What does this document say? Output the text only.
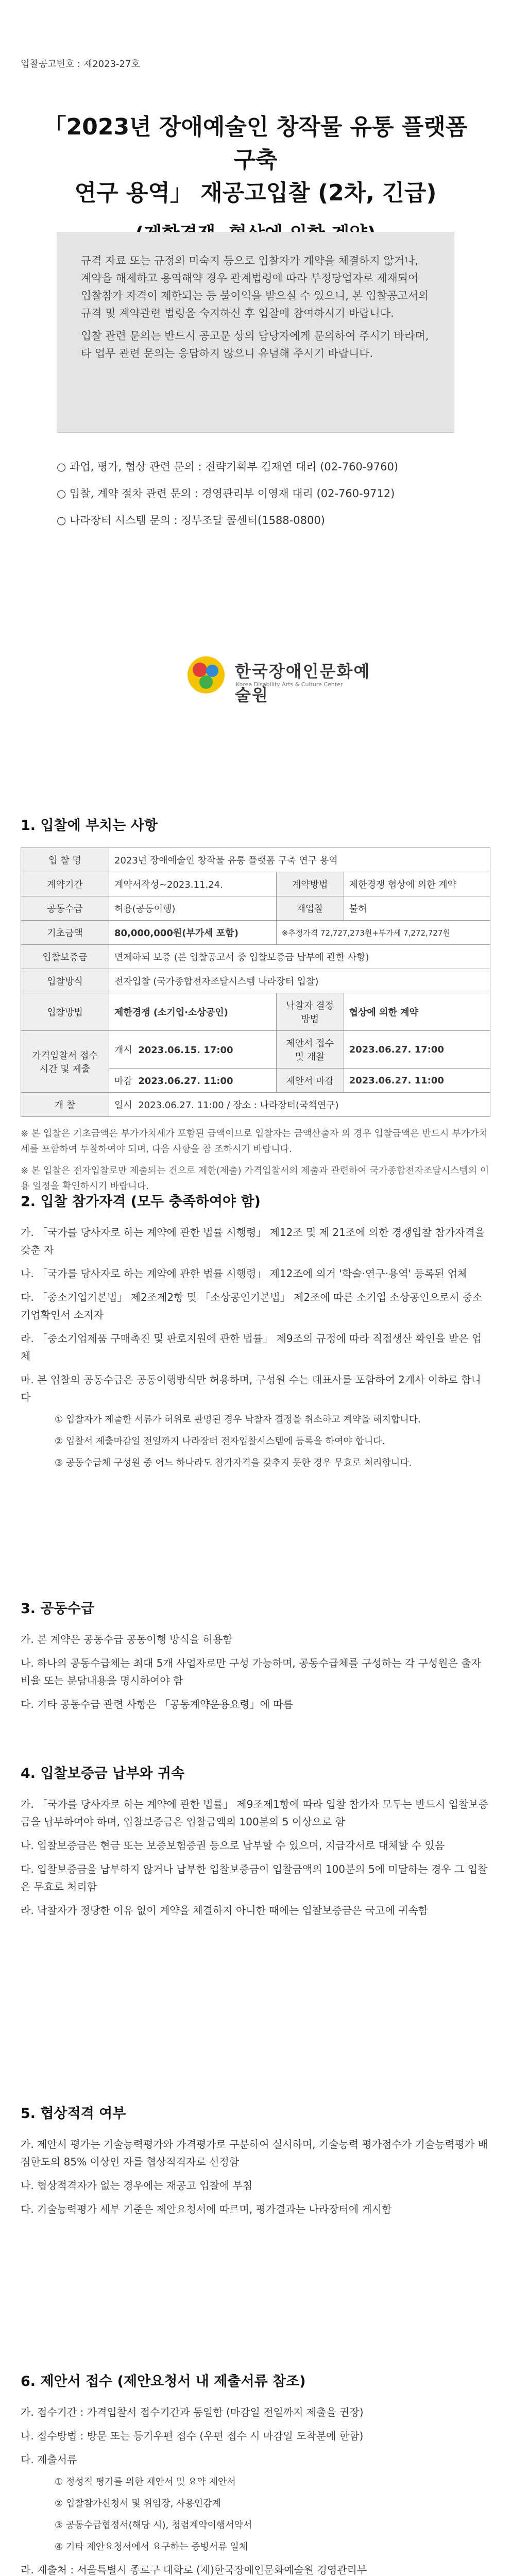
입찰공고번호 : 제2023-27호
「2023년 장애예술인 창작물 유통 플랫폼 구축
연구 용역」 재공고입찰 (2차, 긴급)

규격 자료 또는 규정의 미숙지 등으로 입찰자가 계약을 체결하지 않거나, 계약을 해제하고 용역해약 경우 관계법령에 따라 부정당업자로 제재되어 입찰참가 자격이 제한되는 등 불이익을 받으실 수 있으니, 본 입찰공고서의 규격 및 계약관련 법령을 숙지하신 후 입찰에 참여하시기 바랍니다.

입찰 관련 문의는 반드시 공고문 상의 담당자에게 문의하여 주시기 바라며, 타 업무 관련 문의는 응답하지 않으니 유념해 주시기 바랍니다.

○ 과업, 평가, 협상 관련 문의 : 전략기획부 김재연 대리 (02-760-9760)

○ 입찰, 계약 절차 관련 문의 : 경영관리부 이영재 대리 (02-760-9712)

○ 나라장터 시스템 문의 : 정부조달 콜센터(1588-0800)

한국장애인문화예술원
Korea Disability Arts & Culture Center
1. 입찰에 부치는 사항
입 찰 명	2023년 장애예술인 창작물 유통 플랫폼 구축 연구 용역		
계약기간	계약서작성~2023.11.24.	계약방법	제한경쟁 협상에 의한 계약
공동수급	허용(공동이행)	재입찰	불허
기초금액	80,000,000원(부가세 포함)	※추정가격 72,727,273원+부가세 7,272,727원	
입찰보증금	면제하되 보증 (본 입찰공고서 중 입찰보증금 납부에 관한 사항)		
입찰방식	전자입찰 (국가종합전자조달시스템 나라장터 입찰)		
입찰방법	제한경쟁 (소기업·소상공인)	낙찰자 결정방법	협상에 의한 계약
가격입찰서 접수 시간 및 제출	개시 2023.06.15. 17:00	제안서 접수 및 개찰	2023.06.27. 17:00
	마감 2023.06.27. 11:00	제안서 마감	2023.06.27. 11:00
개 찰	일시 2023.06.27. 11:00 / 장소 : 나라장터(국책연구)		

※ 본 입찰은 기초금액은 부가가치세가 포함된 금액이므로 입찰자는 금액산출자 의 경우 입찰금액은 반드시 부가가치세를 포함하여 투찰하여야 되며, 다음 사항을 참 조하시기 바랍니다.

※ 본 입찰은 전자입찰로만 제출되는 건으로 제한(제출) 가격입찰서의 제출과 관련하여 국가종합전자조달시스템의 이용 일정을 확인하시기 바랍니다.

2. 입찰 참가자격 (모두 충족하여야 함)

가. 「국가를 당사자로 하는 계약에 관한 법률 시행령」 제12조 및 제 21조에 의한 경쟁입찰 참가자격을 갖춘 자

나. 「국가를 당사자로 하는 계약에 관한 법률 시행령」 제12조에 의거 '학술·연구·용역' 등록된 업체

다. 「중소기업기본법」 제2조제2항 및 「소상공인기본법」 제2조에 따른 소기업 소상공인으로서 중소기업확인서 소지자

라. 「중소기업제품 구매촉진 및 판로지원에 관한 법률」 제9조의 규정에 따라 직접생산 확인을 받은 업체

마. 본 입찰의 공동수급은 공동이행방식만 허용하며, 구성원 수는 대표사를 포함하여 2개사 이하로 합니다

① 입찰자가 제출한 서류가 허위로 판명된 경우 낙찰자 결정을 취소하고 계약을 해지합니다.

② 입찰서 제출마감일 전일까지 나라장터 전자입찰시스템에 등록을 하여야 합니다.

③ 공동수급체 구성원 중 어느 하나라도 참가자격을 갖추지 못한 경우 무효로 처리합니다.

3. 공동수급

가. 본 계약은 공동수급 공동이행 방식을 허용함

나. 하나의 공동수급체는 최대 5개 사업자로만 구성 가능하며, 공동수급체를 구성하는 각 구성원은 출자비율 또는 분담내용을 명시하여야 함

다. 기타 공동수급 관련 사항은 「공동계약운용요령」에 따름

4. 입찰보증금 납부와 귀속

가. 「국가를 당사자로 하는 계약에 관한 법률」 제9조제1항에 따라 입찰 참가자 모두는 반드시 입찰보증금을 납부하여야 하며, 입찰보증금은 입찰금액의 100분의 5 이상으로 함

나. 입찰보증금은 현금 또는 보증보험증권 등으로 납부할 수 있으며, 지급각서로 대체할 수 있음

다. 입찰보증금을 납부하지 않거나 납부한 입찰보증금이 입찰금액의 100분의 5에 미달하는 경우 그 입찰은 무효로 처리함

라. 낙찰자가 정당한 이유 없이 계약을 체결하지 아니한 때에는 입찰보증금은 국고에 귀속함

5. 협상적격 여부

가. 제안서 평가는 기술능력평가와 가격평가로 구분하여 실시하며, 기술능력 평가점수가 기술능력평가 배점한도의 85% 이상인 자를 협상적격자로 선정함

나. 협상적격자가 없는 경우에는 재공고 입찰에 부침

다. 기술능력평가 세부 기준은 제안요청서에 따르며, 평가결과는 나라장터에 게시함

6. 제안서 접수 (제안요청서 내 제출서류 참조)

가. 접수기간 : 가격입찰서 접수기간과 동일함 (마감일 전일까지 제출을 권장)

나. 접수방법 : 방문 또는 등기우편 접수 (우편 접수 시 마감일 도착분에 한함)

다. 제출서류

① 정성적 평가를 위한 제안서 및 요약 제안서

② 입찰참가신청서 및 위임장, 사용인감계

③ 공동수급협정서(해당 시), 청렴계약이행서약서

④ 기타 제안요청서에서 요구하는 증빙서류 일체

라. 제출처 : 서울특별시 종로구 대학로 (재)한국장애인문화예술원 경영관리부
